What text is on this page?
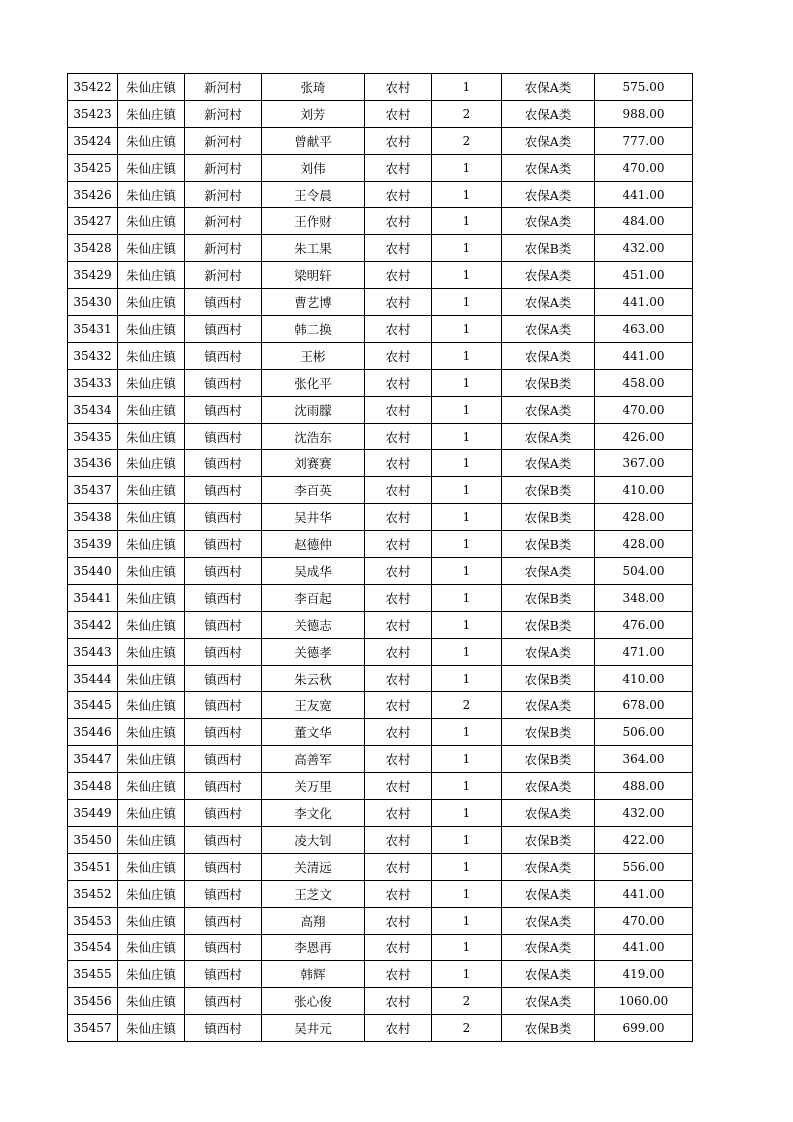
35422	朱仙庄镇	新河村	张琦	农村	1	农保A类	575.00
35423	朱仙庄镇	新河村	刘芳	农村	2	农保A类	988.00
35424	朱仙庄镇	新河村	曾献平	农村	2	农保A类	777.00
35425	朱仙庄镇	新河村	刘伟	农村	1	农保A类	470.00
35426	朱仙庄镇	新河村	王令晨	农村	1	农保A类	441.00
35427	朱仙庄镇	新河村	王作财	农村	1	农保A类	484.00
35428	朱仙庄镇	新河村	朱工果	农村	1	农保B类	432.00
35429	朱仙庄镇	新河村	梁明轩	农村	1	农保A类	451.00
35430	朱仙庄镇	镇西村	曹艺博	农村	1	农保A类	441.00
35431	朱仙庄镇	镇西村	韩二换	农村	1	农保A类	463.00
35432	朱仙庄镇	镇西村	王彬	农村	1	农保A类	441.00
35433	朱仙庄镇	镇西村	张化平	农村	1	农保B类	458.00
35434	朱仙庄镇	镇西村	沈雨朦	农村	1	农保A类	470.00
35435	朱仙庄镇	镇西村	沈浩东	农村	1	农保A类	426.00
35436	朱仙庄镇	镇西村	刘赛赛	农村	1	农保A类	367.00
35437	朱仙庄镇	镇西村	李百英	农村	1	农保B类	410.00
35438	朱仙庄镇	镇西村	吴井华	农村	1	农保B类	428.00
35439	朱仙庄镇	镇西村	赵德仲	农村	1	农保B类	428.00
35440	朱仙庄镇	镇西村	吴成华	农村	1	农保A类	504.00
35441	朱仙庄镇	镇西村	李百起	农村	1	农保B类	348.00
35442	朱仙庄镇	镇西村	关德志	农村	1	农保B类	476.00
35443	朱仙庄镇	镇西村	关德孝	农村	1	农保A类	471.00
35444	朱仙庄镇	镇西村	朱云秋	农村	1	农保B类	410.00
35445	朱仙庄镇	镇西村	王友宽	农村	2	农保A类	678.00
35446	朱仙庄镇	镇西村	董文华	农村	1	农保B类	506.00
35447	朱仙庄镇	镇西村	高善军	农村	1	农保B类	364.00
35448	朱仙庄镇	镇西村	关万里	农村	1	农保A类	488.00
35449	朱仙庄镇	镇西村	李文化	农村	1	农保A类	432.00
35450	朱仙庄镇	镇西村	凌大钊	农村	1	农保B类	422.00
35451	朱仙庄镇	镇西村	关清远	农村	1	农保A类	556.00
35452	朱仙庄镇	镇西村	王芝文	农村	1	农保A类	441.00
35453	朱仙庄镇	镇西村	高翔	农村	1	农保A类	470.00
35454	朱仙庄镇	镇西村	李恩再	农村	1	农保A类	441.00
35455	朱仙庄镇	镇西村	韩辉	农村	1	农保A类	419.00
35456	朱仙庄镇	镇西村	张心俊	农村	2	农保A类	1060.00
35457	朱仙庄镇	镇西村	吴井元	农村	2	农保B类	699.00
